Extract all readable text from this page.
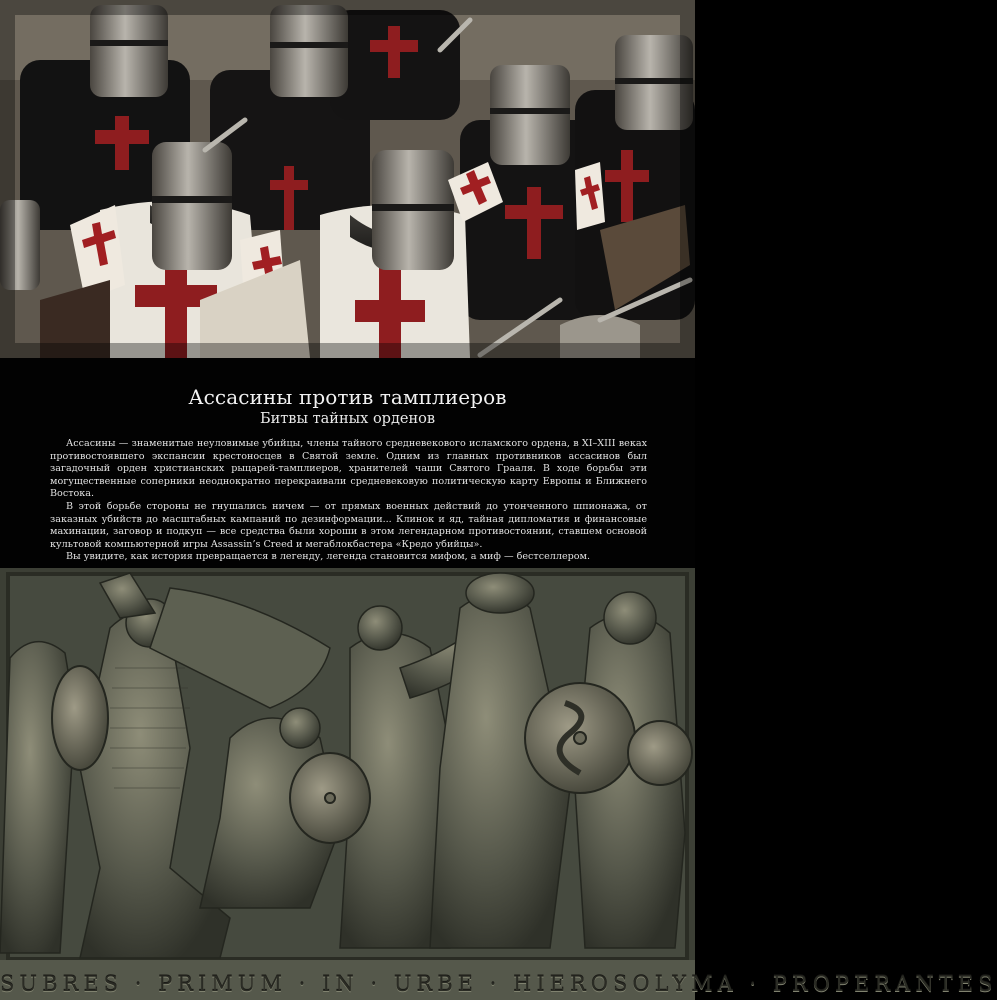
Ассасины против тамплиеров
Битвы тайных орденов

Ассасины — знаменитые неуловимые убийцы, члены тайного средневекового исламского ордена, в XI–XIII веках противостоявшего экспансии крестоносцев в Святой земле. Одним из главных противников ассасинов был загадочный орден христианских рыцарей-тамплиеров, хранителей чаши Святого Грааля. В ходе борьбы эти могущественные соперники неоднократно перекраивали средневековую политическую карту Европы и Ближнего Востока.

В этой борьбе стороны не гнушались ничем — от прямых военных действий до утонченного шпионажа, от заказных убийств до масштабных кампаний по дезинформации... Клинок и яд, тайная дипломатия и финансовые махинации, заговор и подкуп — все средства были хороши в этом легендарном противостоянии, ставшем основой культовой компьютерной игры Assassin’s Creed и мегаблокбастера «Кредо убийцы».

Вы увидите, как история превращается в легенду, легенда становится мифом, а миф — бестселлером.

SUBRES · PRIMUM · IN · URBE · HIEROSOLYMA · PROPERANTES
